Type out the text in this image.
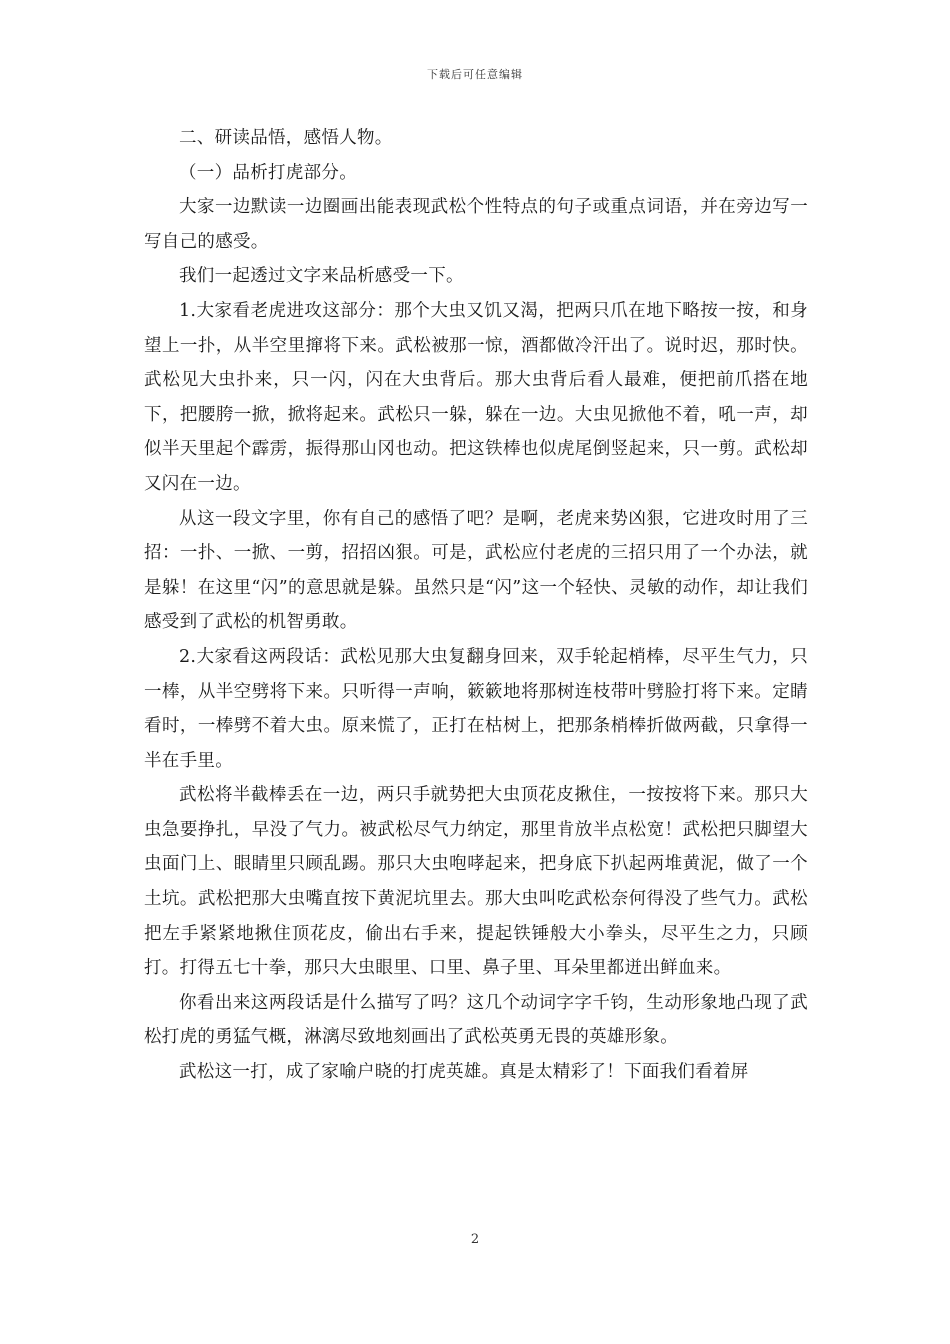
下载后可任意编辑

二、研读品悟，感悟人物。

（一）品析打虎部分。

大家一边默读一边圈画出能表现武松个性特点的句子或重点词语，并在旁边写一写自己的感受。

我们一起透过文字来品析感受一下。

1.大家看老虎进攻这部分：那个大虫又饥又渴，把两只爪在地下略按一按，和身望上一扑，从半空里撺将下来。武松被那一惊，酒都做冷汗出了。说时迟，那时快。武松见大虫扑来，只一闪，闪在大虫背后。那大虫背后看人最难，便把前爪搭在地下，把腰胯一掀，掀将起来。武松只一躲，躲在一边。大虫见掀他不着，吼一声，却似半天里起个霹雳，振得那山冈也动。把这铁棒也似虎尾倒竖起来，只一剪。武松却又闪在一边。

从这一段文字里，你有自己的感悟了吧？是啊，老虎来势凶狠，它进攻时用了三招：一扑、一掀、一剪，招招凶狠。可是，武松应付老虎的三招只用了一个办法，就是躲！在这里“闪”的意思就是躲。虽然只是“闪”这一个轻快、灵敏的动作，却让我们感受到了武松的机智勇敢。

2.大家看这两段话：武松见那大虫复翻身回来，双手轮起梢棒，尽平生气力，只一棒，从半空劈将下来。只听得一声响，簌簌地将那树连枝带叶劈脸打将下来。定睛看时，一棒劈不着大虫。原来慌了，正打在枯树上，把那条梢棒折做两截，只拿得一半在手里。

武松将半截棒丢在一边，两只手就势把大虫顶花皮揪住，一按按将下来。那只大虫急要挣扎，早没了气力。被武松尽气力纳定，那里肯放半点松宽！武松把只脚望大虫面门上、眼睛里只顾乱踢。那只大虫咆哮起来，把身底下扒起两堆黄泥，做了一个土坑。武松把那大虫嘴直按下黄泥坑里去。那大虫叫吃武松奈何得没了些气力。武松把左手紧紧地揪住顶花皮，偷出右手来，提起铁锤般大小拳头，尽平生之力，只顾打。打得五七十拳，那只大虫眼里、口里、鼻子里、耳朵里都迸出鲜血来。

你看出来这两段话是什么描写了吗？这几个动词字字千钧，生动形象地凸现了武松打虎的勇猛气概，淋漓尽致地刻画出了武松英勇无畏的英雄形象。

武松这一打，成了家喻户晓的打虎英雄。真是太精彩了！下面我们看着屏

2
